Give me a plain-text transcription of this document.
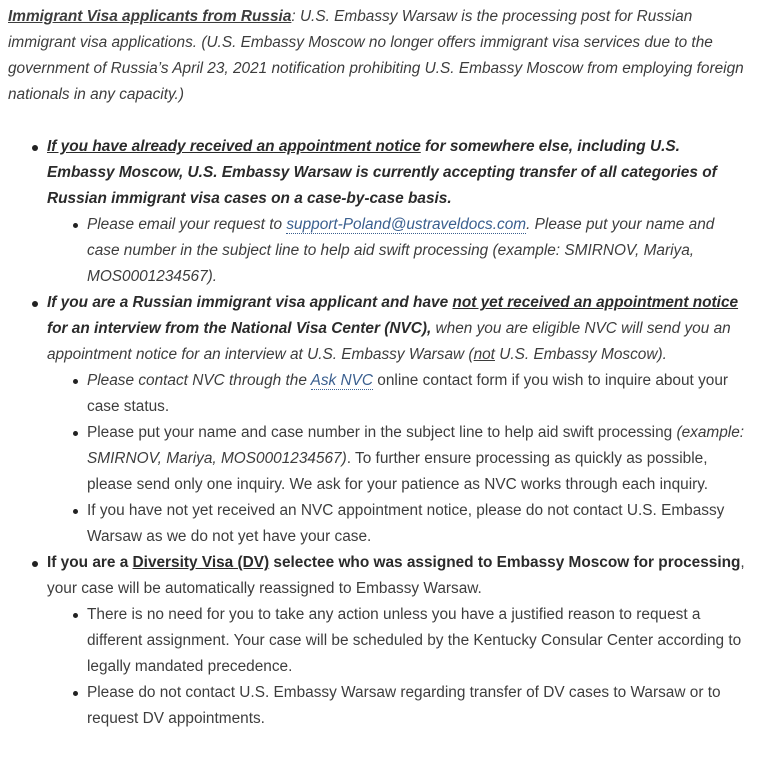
Immigrant Visa applicants from Russia: U.S. Embassy Warsaw is the processing post for Russian immigrant visa applications. (U.S. Embassy Moscow no longer offers immigrant visa services due to the government of Russia’s April 23, 2021 notification prohibiting U.S. Embassy Moscow from employing foreign nationals in any capacity.)

If you have already received an appointment notice for somewhere else, including U.S. Embassy Moscow, U.S. Embassy Warsaw is currently accepting transfer of all categories of Russian immigrant visa cases on a case-by-case basis.
Please email your request to support-Poland@ustraveldocs.com. Please put your name and case number in the subject line to help aid swift processing (example: SMIRNOV, Mariya, MOS0001234567).
If you are a Russian immigrant visa applicant and have not yet received an appointment notice for an interview from the National Visa Center (NVC), when you are eligible NVC will send you an appointment notice for an interview at U.S. Embassy Warsaw (not U.S. Embassy Moscow).
Please contact NVC through the Ask NVC online contact form if you wish to inquire about your case status.
Please put your name and case number in the subject line to help aid swift processing (example: SMIRNOV, Mariya, MOS0001234567). To further ensure processing as quickly as possible, please send only one inquiry. We ask for your patience as NVC works through each inquiry.
If you have not yet received an NVC appointment notice, please do not contact U.S. Embassy Warsaw as we do not yet have your case.
If you are a Diversity Visa (DV) selectee who was assigned to Embassy Moscow for processing, your case will be automatically reassigned to Embassy Warsaw.
There is no need for you to take any action unless you have a justified reason to request a different assignment. Your case will be scheduled by the Kentucky Consular Center according to legally mandated precedence.
Please do not contact U.S. Embassy Warsaw regarding transfer of DV cases to Warsaw or to request DV appointments.
